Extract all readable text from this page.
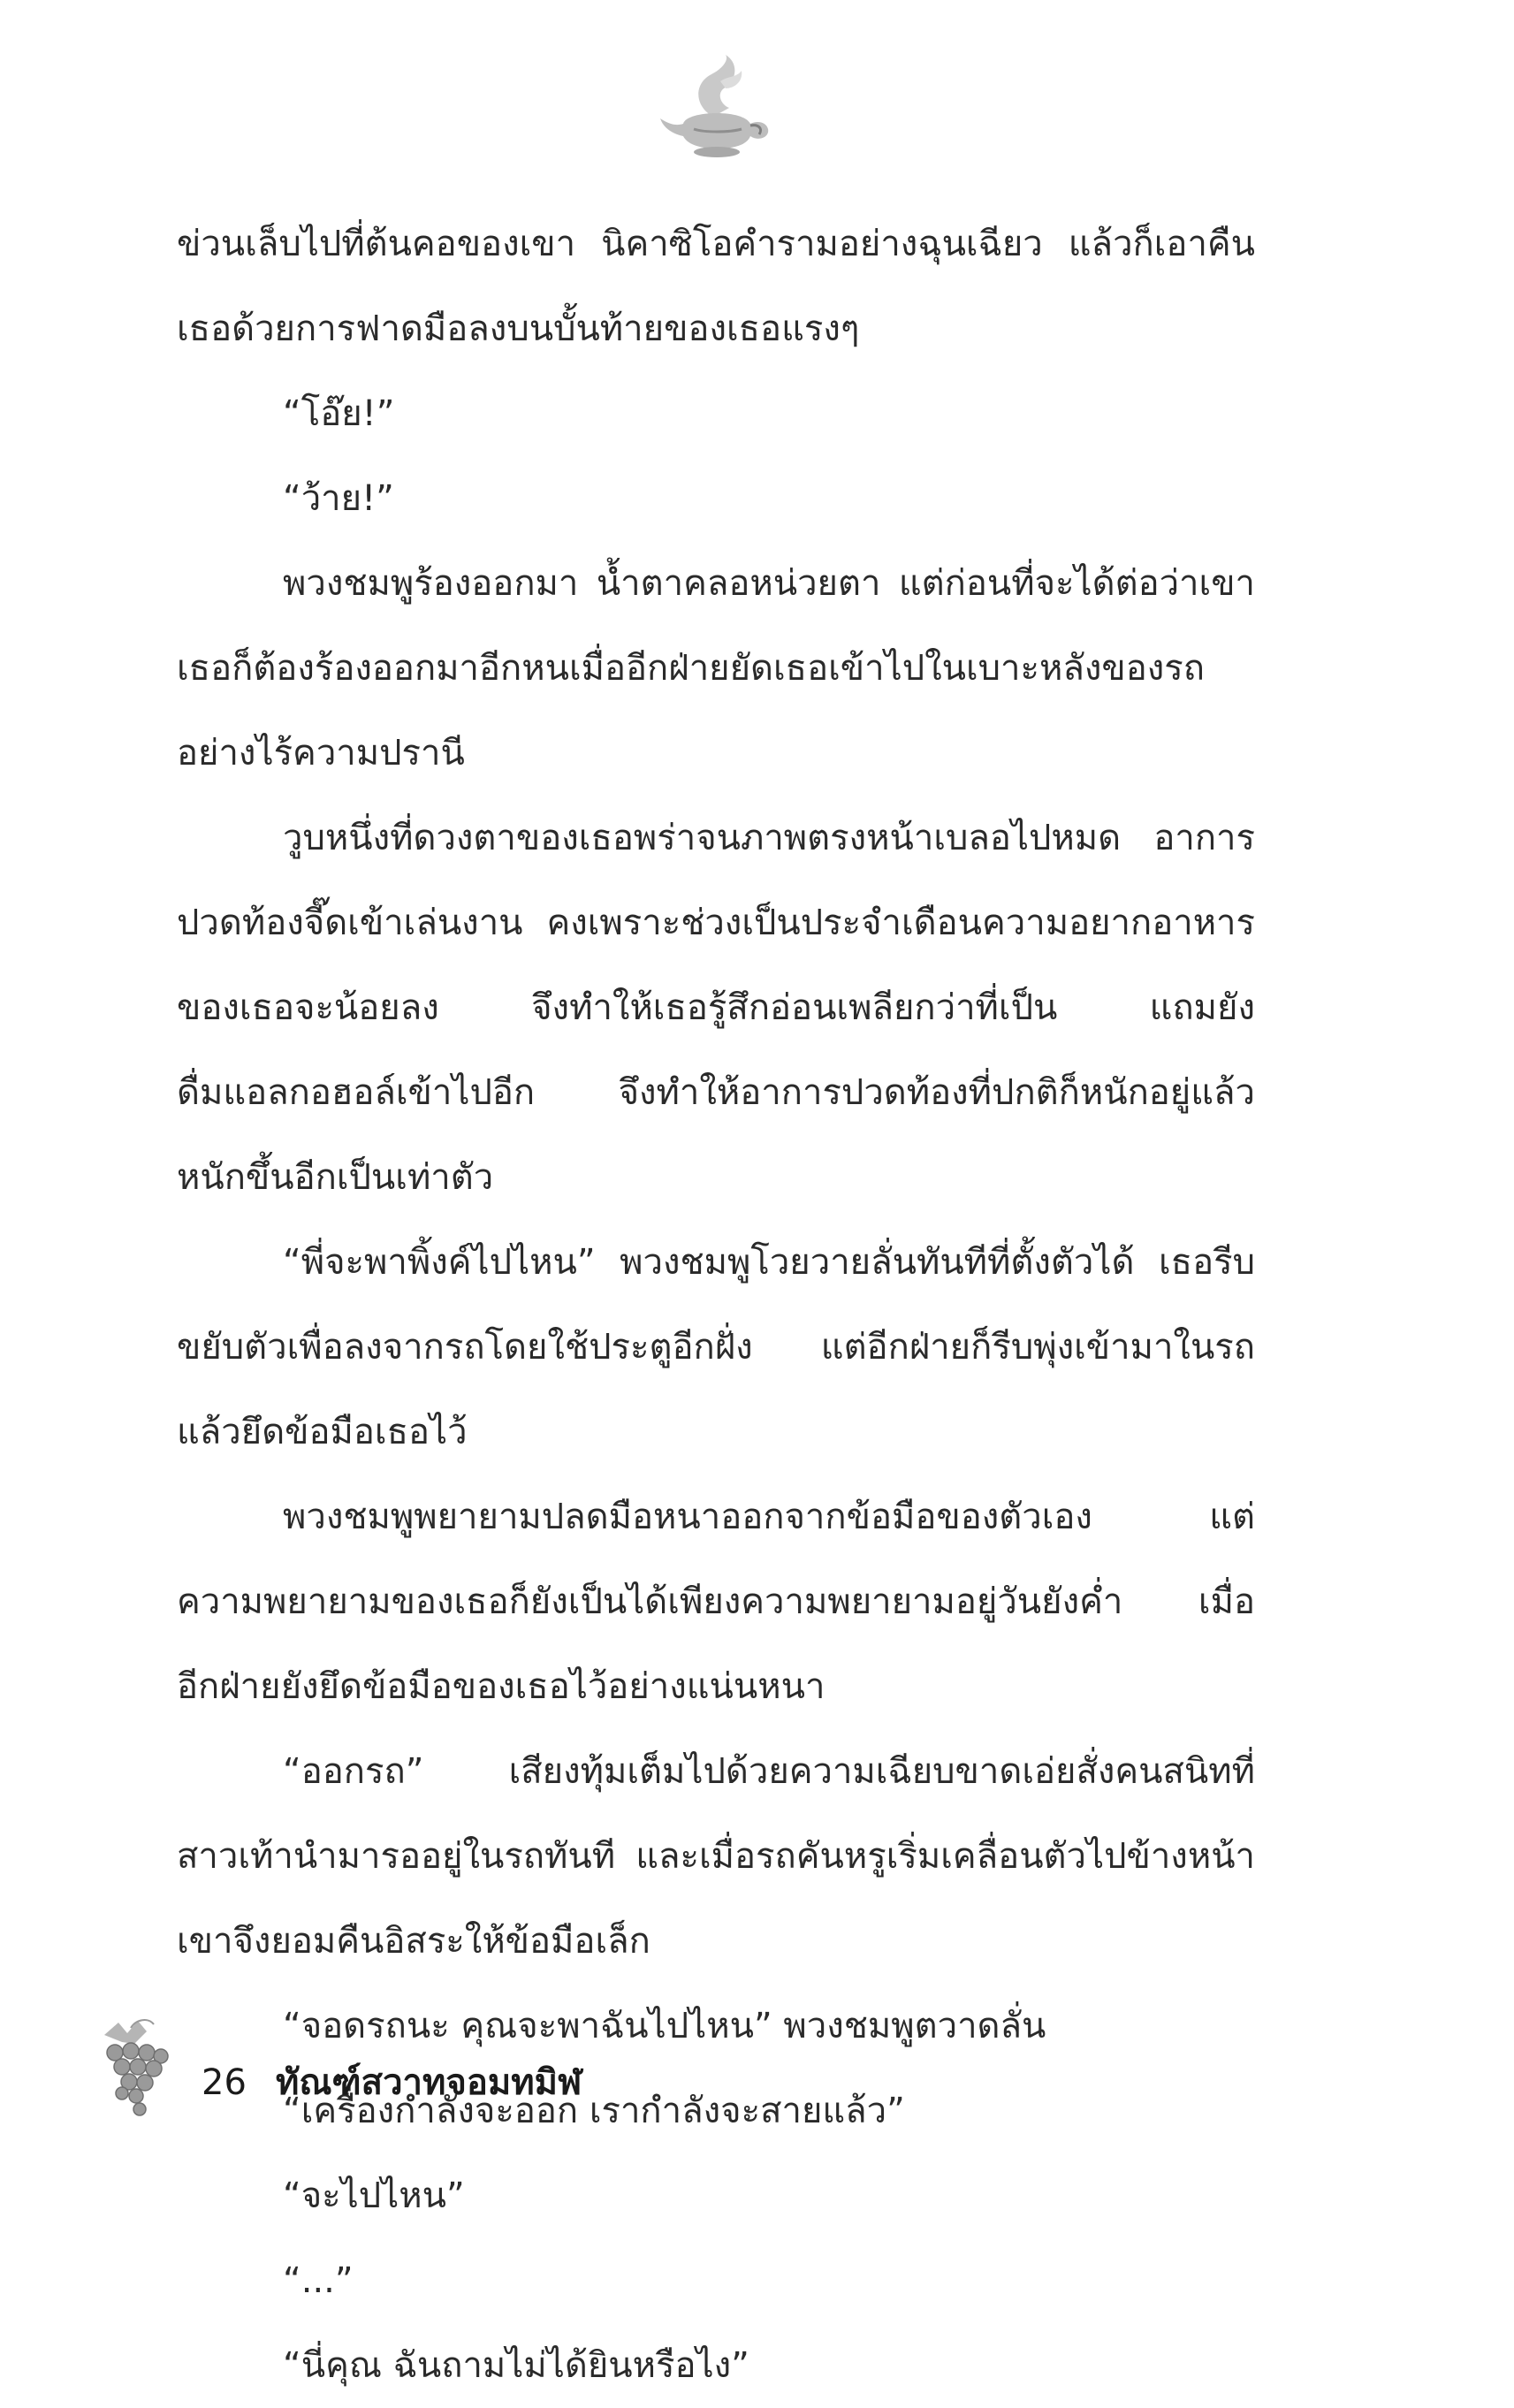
ข่วนเล็บไปที่ต้นคอของเขา นิคาซิโอคำรามอย่างฉุนเฉียว แล้วก็เอาคืน
เธอด้วยการฟาดมือลงบนบั้นท้ายของเธอแรงๆ

“โอ๊ย!”

“ว้าย!”

พวงชมพูร้องออกมา น้ำตาคลอหน่วยตา แต่ก่อนที่จะได้ต่อว่าเขา
เธอก็ต้องร้องออกมาอีกหนเมื่ออีกฝ่ายยัดเธอเข้าไปในเบาะหลังของรถ
อย่างไร้ความปรานี

วูบหนึ่งที่ดวงตาของเธอพร่าจนภาพตรงหน้าเบลอไปหมด อาการ
ปวดท้องจี๊ดเข้าเล่นงาน คงเพราะช่วงเป็นประจำเดือนความอยากอาหาร
ของเธอจะน้อยลง จึงทำให้เธอรู้สึกอ่อนเพลียกว่าที่เป็น แถมยัง
ดื่มแอลกอฮอล์เข้าไปอีก จึงทำให้อาการปวดท้องที่ปกติก็หนักอยู่แล้ว
หนักขึ้นอีกเป็นเท่าตัว

“พี่จะพาพิ้งค์ไปไหน” พวงชมพูโวยวายลั่นทันทีที่ตั้งตัวได้ เธอรีบ
ขยับตัวเพื่อลงจากรถโดยใช้ประตูอีกฝั่ง แต่อีกฝ่ายก็รีบพุ่งเข้ามาในรถ
แล้วยึดข้อมือเธอไว้

พวงชมพูพยายามปลดมือหนาออกจากข้อมือของตัวเอง แต่
ความพยายามของเธอก็ยังเป็นได้เพียงความพยายามอยู่วันยังค่ำ เมื่อ
อีกฝ่ายยังยึดข้อมือของเธอไว้อย่างแน่นหนา

“ออกรถ” เสียงทุ้มเต็มไปด้วยความเฉียบขาดเอ่ยสั่งคนสนิทที่
สาวเท้านำมารออยู่ในรถทันที และเมื่อรถคันหรูเริ่มเคลื่อนตัวไปข้างหน้า
เขาจึงยอมคืนอิสระให้ข้อมือเล็ก

“จอดรถนะ คุณจะพาฉันไปไหน” พวงชมพูตวาดลั่น

“เครื่องกำลังจะออก เรากำลังจะสายแล้ว”

“จะไปไหน”

“...”

“นี่คุณ ฉันถามไม่ได้ยินหรือไง”

26 ทัณฑ์สวาทจอมทมิฬ
